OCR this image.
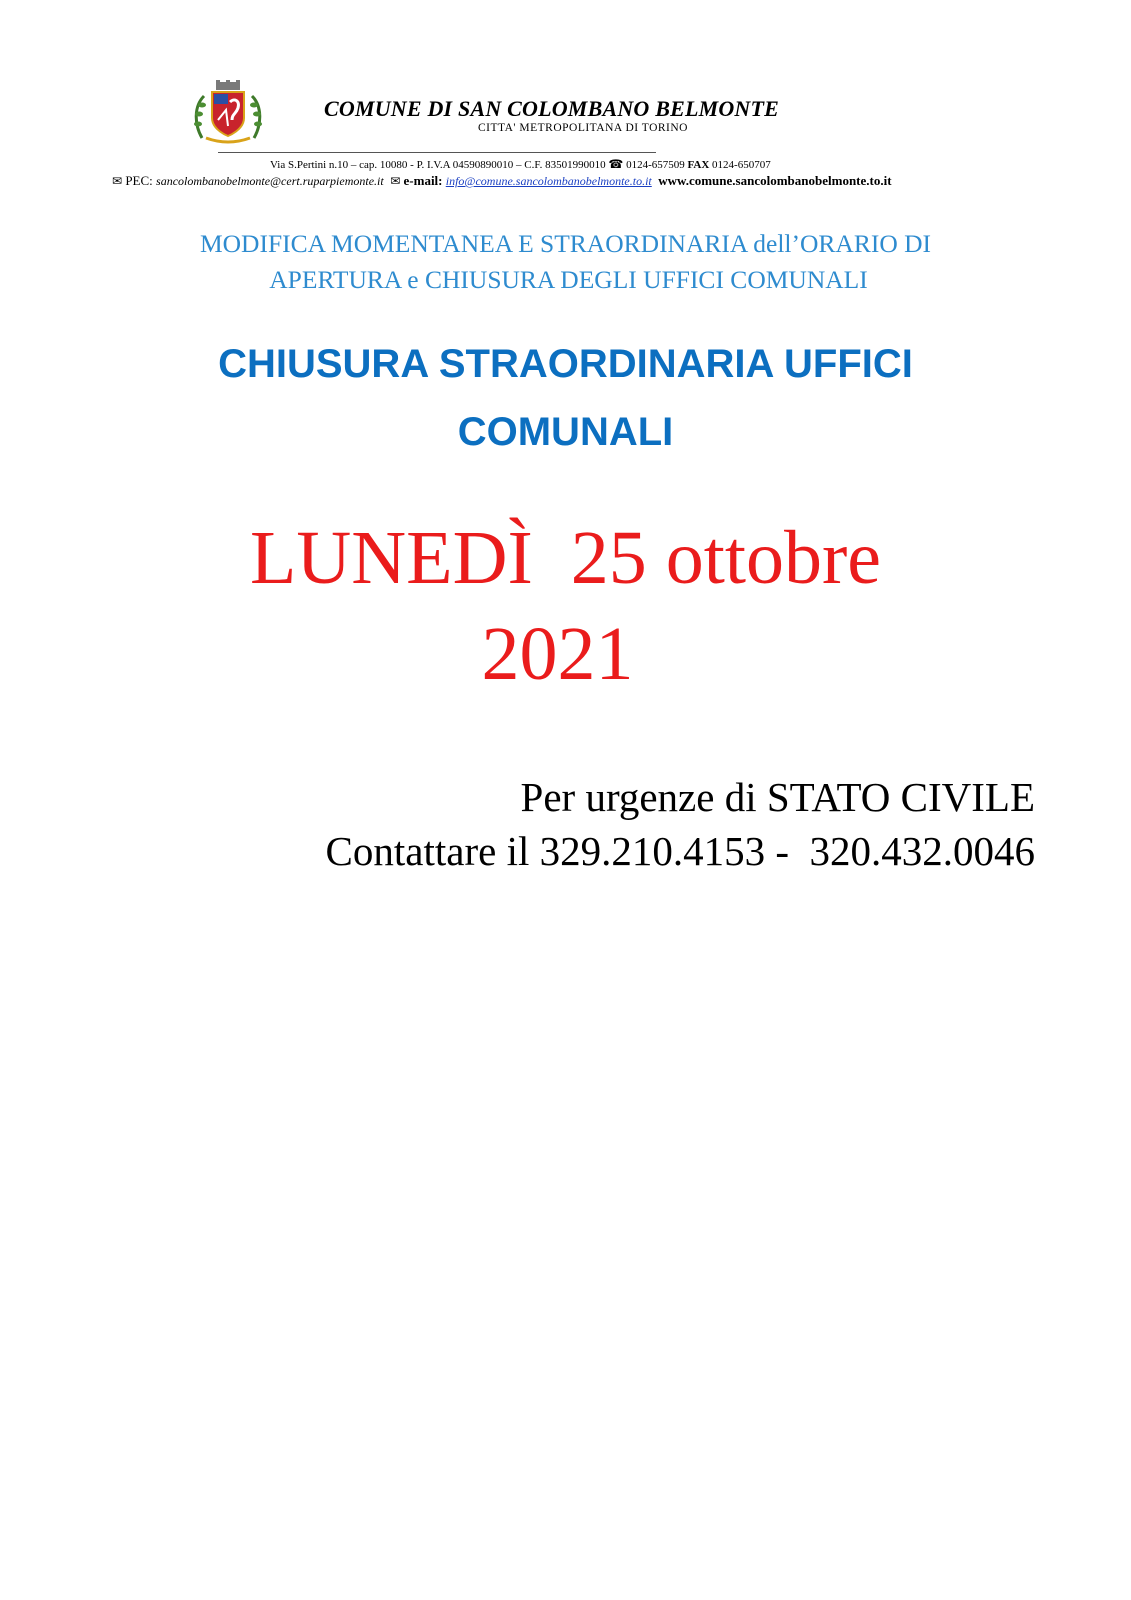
COMUNE DI SAN COLOMBANO BELMONTE
CITTA' METROPOLITANA DI TORINO
Via S.Pertini n.10 – cap. 10080 - P. I.V.A 04590890010 – C.F. 83501990010 ☎ 0124-657509 FAX 0124-650707
✉ PEC: sancolombanobelmonte@cert.ruparpiemonte.it ✉ e-mail: info@comune.sancolombanobelmonte.to.it www.comune.sancolombanobelmonte.to.it
MODIFICA MOMENTANEA E STRAORDINARIA dell’ORARIO DI
APERTURA e CHIUSURA DEGLI UFFICI COMUNALI
CHIUSURA STRAORDINARIA UFFICI
COMUNALI
LUNEDÌ  25 ottobre
2021
Per urgenze di STATO CIVILE
Contattare il 329.210.4153 -  320.432.0046
